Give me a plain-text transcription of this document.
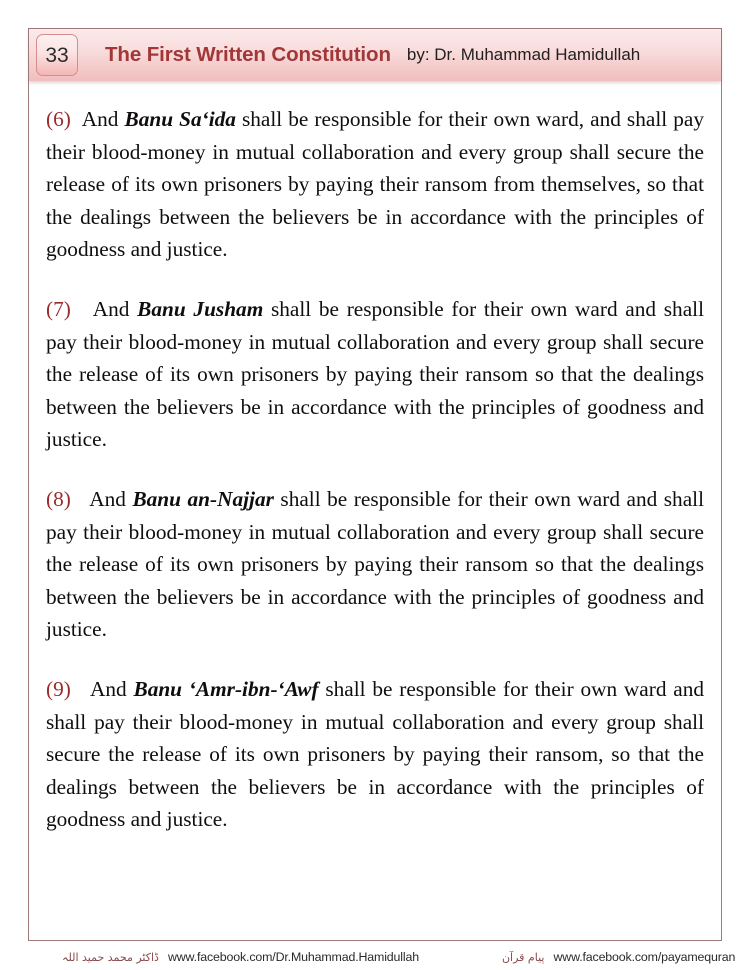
33 The First Written Constitution by: Dr. Muhammad Hamidullah

(6) And Banu Sa‘ida shall be responsible for their own ward, and shall pay their blood-money in mutual collaboration and every group shall secure the release of its own prisoners by paying their ransom from themselves, so that the dealings between the believers be in accordance with the principles of goodness and justice.

(7) And Banu Jusham shall be responsible for their own ward and shall pay their blood-money in mutual collaboration and every group shall secure the release of its own prisoners by paying their ransom so that the dealings between the believers be in accordance with the principles of goodness and justice.

(8) And Banu an-Najjar shall be responsible for their own ward and shall pay their blood-money in mutual collaboration and every group shall secure the release of its own prisoners by paying their ransom so that the dealings between the believers be in accordance with the principles of goodness and justice.

(9) And Banu ‘Amr-ibn-‘Awf shall be responsible for their own ward and shall pay their blood-money in mutual collaboration and every group shall secure the release of its own prisoners by paying their ransom, so that the dealings between the believers be in accordance with the principles of goodness and justice.

ڈاکٹر محمد حمید اللہ www.facebook.com/Dr.Muhammad.Hamidullah	پیام قرآن www.facebook.com/payamequran
